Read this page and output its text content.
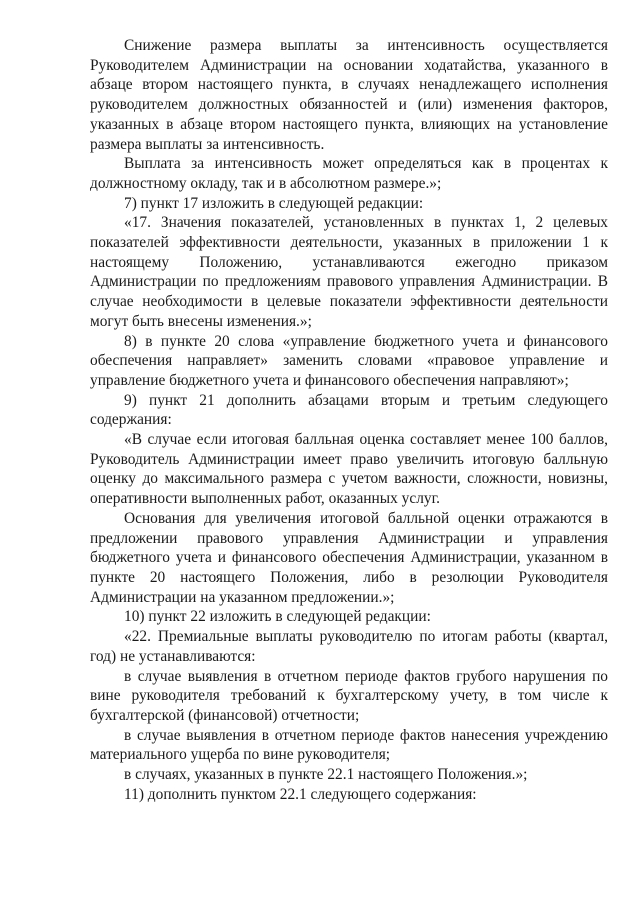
Снижение размера выплаты за интенсивность осуществляется Руководителем Администрации на основании ходатайства, указанного в абзаце втором настоящего пункта, в случаях ненадлежащего исполнения руководителем должностных обязанностей и (или) изменения факторов, указанных в абзаце втором настоящего пункта, влияющих на установление размера выплаты за интенсивность.

Выплата за интенсивность может определяться как в процентах к должностному окладу, так и в абсолютном размере.»;

7) пункт 17 изложить в следующей редакции:

«17. Значения показателей, установленных в пунктах 1, 2 целевых показателей эффективности деятельности, указанных в приложении 1 к настоящему Положению, устанавливаются ежегодно приказом Администрации по предложениям правового управления Администрации. В случае необходимости в целевые показатели эффективности деятельности могут быть внесены изменения.»;

8) в пункте 20 слова «управление бюджетного учета и финансового обеспечения направляет» заменить словами «правовое управление и управление бюджетного учета и финансового обеспечения направляют»;

9) пункт 21 дополнить абзацами вторым и третьим следующего содержания:

«В случае если итоговая балльная оценка составляет менее 100 баллов, Руководитель Администрации имеет право увеличить итоговую балльную оценку до максимального размера с учетом важности, сложности, новизны, оперативности выполненных работ, оказанных услуг.

Основания для увеличения итоговой балльной оценки отражаются в предложении правового управления Администрации и управления бюджетного учета и финансового обеспечения Администрации, указанном в пункте 20 настоящего Положения, либо в резолюции Руководителя Администрации на указанном предложении.»;

10) пункт 22 изложить в следующей редакции:

«22. Премиальные выплаты руководителю по итогам работы (квартал, год) не устанавливаются:

в случае выявления в отчетном периоде фактов грубого нарушения по вине руководителя требований к бухгалтерскому учету, в том числе к бухгалтерской (финансовой) отчетности;

в случае выявления в отчетном периоде фактов нанесения учреждению материального ущерба по вине руководителя;

в случаях, указанных в пункте 22.1 настоящего Положения.»;

11) дополнить пунктом 22.1 следующего содержания:
